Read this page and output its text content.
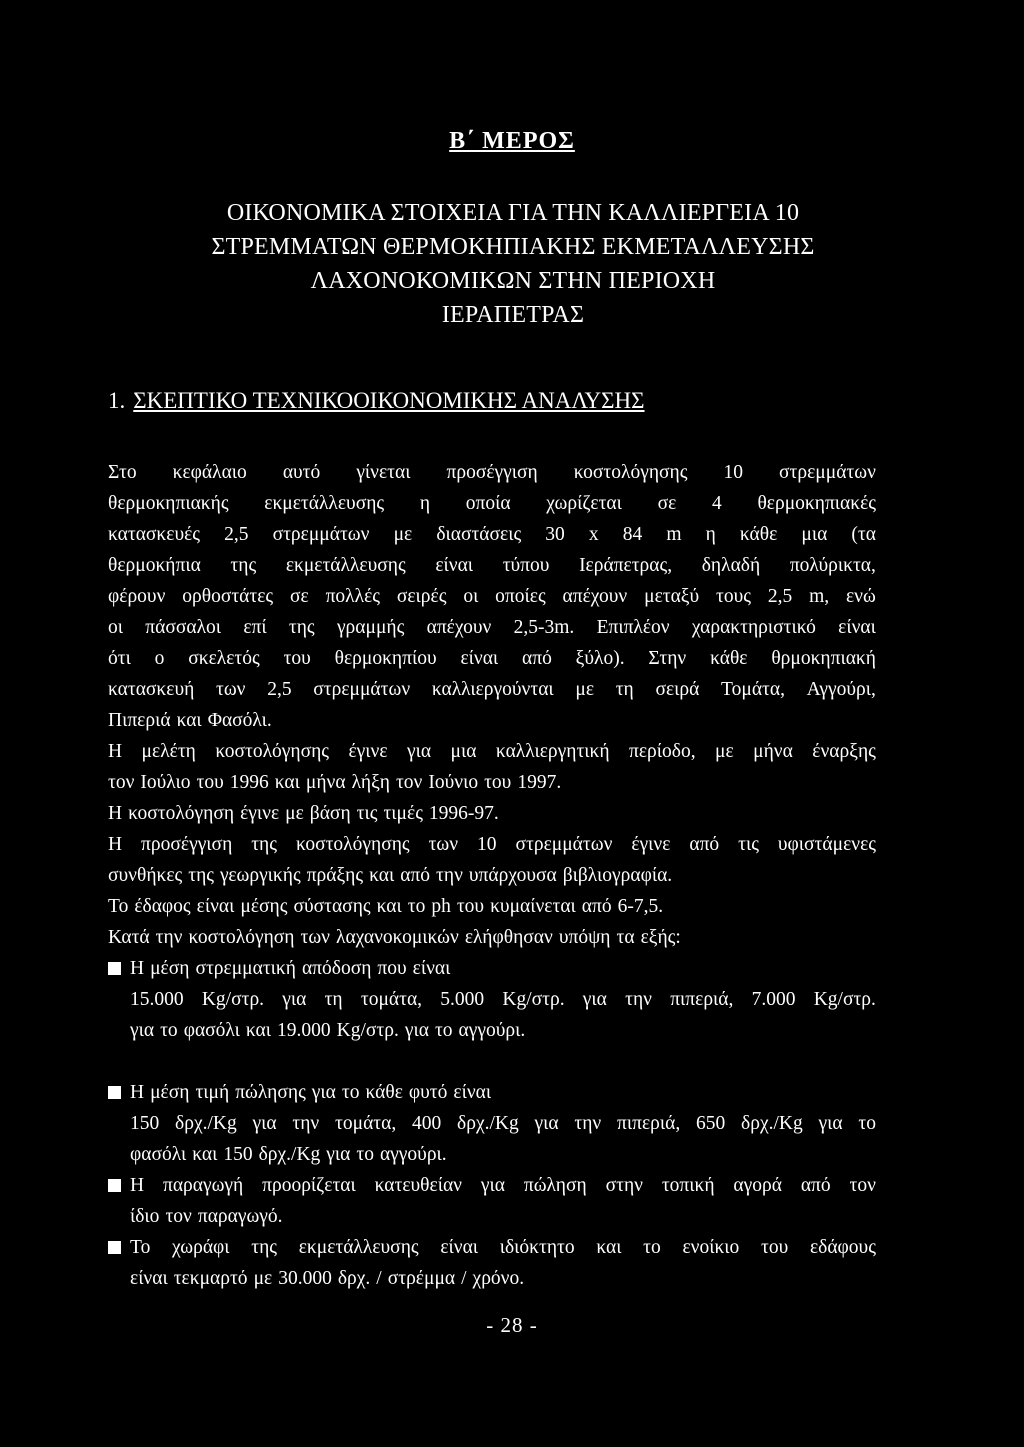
Β΄ ΜΕΡΟΣ
ΟΙΚΟΝΟΜΙΚΑ ΣΤΟΙΧΕΙΑ ΓΙΑ ΤΗΝ ΚΑΛΛΙΕΡΓΕΙΑ 10
ΣΤΡΕΜΜΑΤΩΝ ΘΕΡΜΟΚΗΠΙΑΚΗΣ ΕΚΜΕΤΑΛΛΕΥΣΗΣ
ΛΑΧΟΝΟΚΟΜΙΚΩΝ ΣΤΗΝ ΠΕΡΙΟΧΗ
ΙΕΡΑΠΕΤΡΑΣ
1. ΣΚΕΠΤΙΚΟ ΤΕΧΝΙΚΟΟΙΚΟΝΟΜΙΚΗΣ ΑΝΑΛΥΣΗΣ
Στο κεφάλαιο αυτό γίνεται προσέγγιση κοστολόγησης 10 στρεμμάτων
θερμοκηπιακής εκμετάλλευσης η οποία χωρίζεται σε 4 θερμοκηπιακές
κατασκευές 2,5 στρεμμάτων με διαστάσεις 30 x 84 m η κάθε μια (τα
θερμοκήπια της εκμετάλλευσης είναι τύπου Ιεράπετρας, δηλαδή πολύρικτα,
φέρουν ορθοστάτες σε πολλές σειρές οι οποίες απέχουν μεταξύ τους 2,5 m, ενώ
οι πάσσαλοι επί της γραμμής απέχουν 2,5-3m. Επιπλέον χαρακτηριστικό είναι
ότι ο σκελετός του θερμοκηπίου είναι από ξύλο). Στην κάθε θρμοκηπιακή
κατασκευή των 2,5 στρεμμάτων καλλιεργούνται με τη σειρά Τομάτα, Αγγούρι,
Πιπεριά και Φασόλι.
Η μελέτη κοστολόγησης έγινε για μια καλλιεργητική περίοδο, με μήνα έναρξης
τον Ιούλιο του 1996 και μήνα λήξη τον Ιούνιο του 1997.
Η κοστολόγηση έγινε με βάση τις τιμές 1996-97.
Η προσέγγιση της κοστολόγησης των 10 στρεμμάτων έγινε από τις υφιστάμενες
συνθήκες της γεωργικής πράξης και από την υπάρχουσα βιβλιογραφία.
Το έδαφος είναι μέσης σύστασης και το ph του κυμαίνεται από 6-7,5.
Κατά την κοστολόγηση των λαχανοκομικών ελήφθησαν υπόψη τα εξής:
Η μέση στρεμματική απόδοση που είναι
15.000 Kg/στρ. για τη τομάτα, 5.000 Kg/στρ. για την πιπεριά, 7.000 Kg/στρ.
για το φασόλι και 19.000 Kg/στρ. για το αγγούρι.
Η μέση τιμή πώλησης για το κάθε φυτό είναι
150 δρχ./Kg για την τομάτα, 400 δρχ./Kg για την πιπεριά, 650 δρχ./Kg για το
φασόλι και 150 δρχ./Kg για το αγγούρι.
Η παραγωγή προορίζεται κατευθείαν για πώληση στην τοπική αγορά από τον
ίδιο τον παραγωγό.
Το χωράφι της εκμετάλλευσης είναι ιδιόκτητο και το ενοίκιο του εδάφους
είναι τεκμαρτό με 30.000 δρχ. / στρέμμα / χρόνο.
- 28 -
